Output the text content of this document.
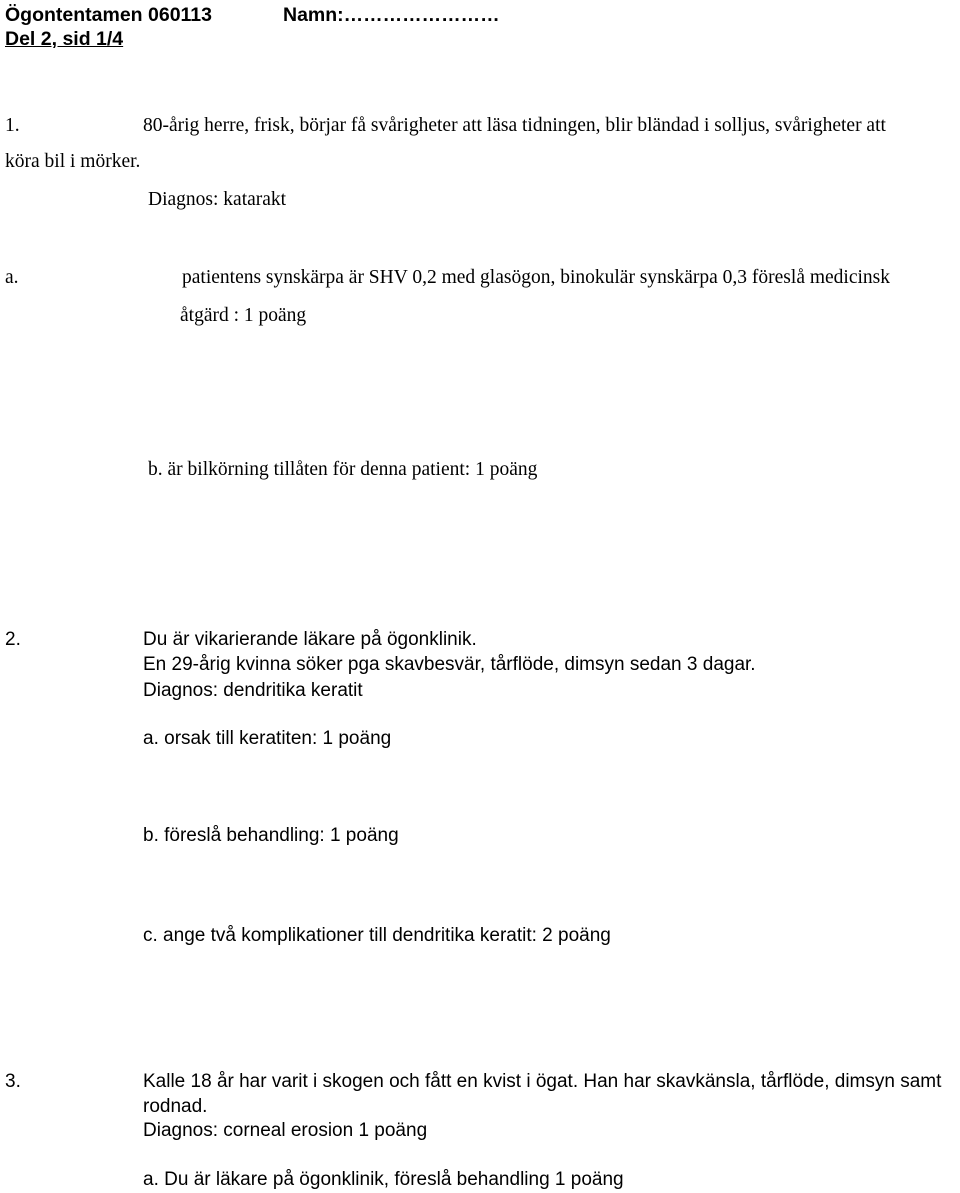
Ögontentamen 060113	Namn:……………………
Del 2, sid 1/4
1.	80-årig herre, frisk, börjar få svårigheter att läsa tidningen, blir bländad i solljus, svårigheter att
köra bil i mörker.
Diagnos: katarakt
a.	patientens synskärpa är SHV 0,2 med glasögon, binokulär synskärpa 0,3 föreslå medicinsk
åtgärd : 1 poäng
b. är bilkörning tillåten för denna patient: 1 poäng
2.	Du är vikarierande läkare på ögonklinik.
En 29-årig kvinna söker pga skavbesvär, tårflöde, dimsyn sedan 3 dagar.
Diagnos: dendritika keratit
a. orsak till keratiten: 1 poäng
b. föreslå behandling: 1 poäng
c. ange två komplikationer till dendritika keratit: 2 poäng
3.	Kalle 18 år har varit i skogen och fått en kvist i ögat. Han har skavkänsla, tårflöde, dimsyn samt
rodnad.
Diagnos: corneal erosion 1 poäng
a. Du är läkare på ögonklinik, föreslå behandling 1 poäng
